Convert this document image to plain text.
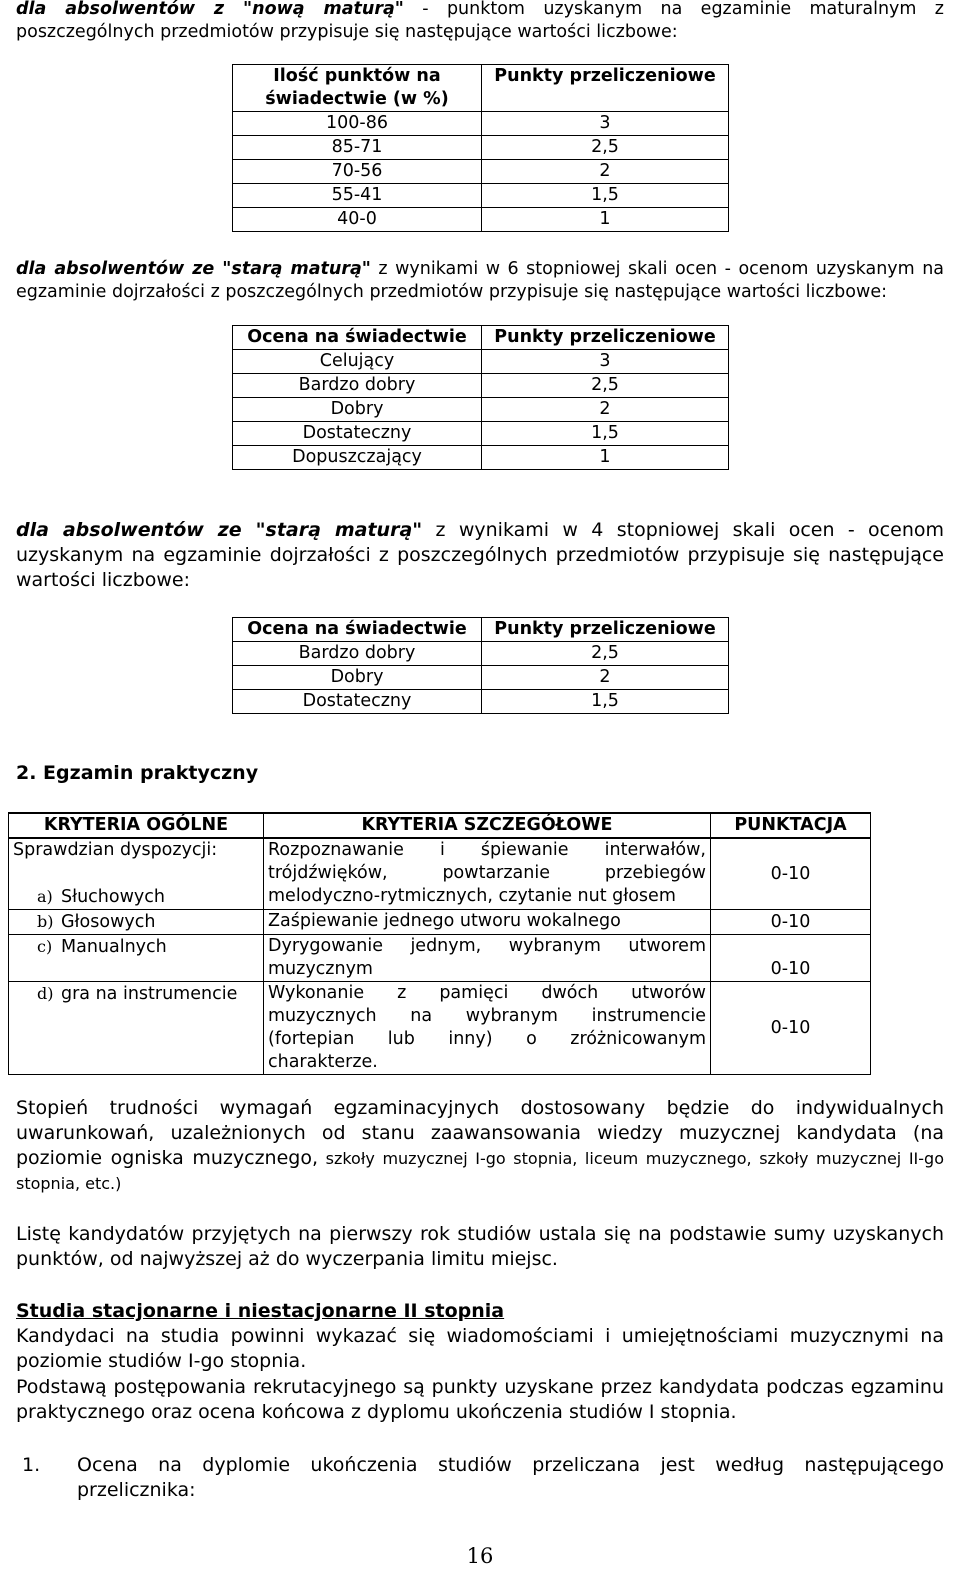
dla absolwentów z "nową maturą" - punktom uzyskanym na egzaminie maturalnym z poszczególnych przedmiotów przypisuje się następujące wartości liczbowe:

Ilość punktów na świadectwie (w %)	Punkty przeliczeniowe
100-86	3
85-71	2,5
70-56	2
55-41	1,5
40-0	1

dla absolwentów ze "starą maturą" z wynikami w 6 stopniowej skali ocen - ocenom uzyskanym na egzaminie dojrzałości z poszczególnych przedmiotów przypisuje się następujące wartości liczbowe:

Ocena na świadectwie	Punkty przeliczeniowe
Celujący	3
Bardzo dobry	2,5
Dobry	2
Dostateczny	1,5
Dopuszczający	1

dla absolwentów ze "starą maturą" z wynikami w 4 stopniowej skali ocen - ocenom uzyskanym na egzaminie dojrzałości z poszczególnych przedmiotów przypisuje się następujące wartości liczbowe:

Ocena na świadectwie	Punkty przeliczeniowe
Bardzo dobry	2,5
Dobry	2
Dostateczny	1,5

2. Egzamin praktyczny

KRYTERIA OGÓLNE	KRYTERIA SZCZEGÓŁOWE	PUNKTACJA

Sprawdzian dyspozycji:
a) Słuchowych	Rozpoznawanie i śpiewanie interwałów, trójdźwięków, powtarzanie przebiegów melodyczno-rytmicznych, czytanie nut głosem	0-10
b) Głosowych	Zaśpiewanie jednego utworu wokalnego	0-10
c) Manualnych	Dyrygowanie jednym, wybranym utworem muzycznym	0-10
d) gra na instrumencie	Wykonanie z pamięci dwóch utworów muzycznych na wybranym instrumencie (fortepian lub inny) o zróżnicowanym charakterze.	0-10

Stopień trudności wymagań egzaminacyjnych dostosowany będzie do indywidualnych uwarunkowań, uzależnionych od stanu zaawansowania wiedzy muzycznej kandydata (na poziomie ogniska muzycznego, szkoły muzycznej I-go stopnia, liceum muzycznego, szkoły muzycznej II-go stopnia, etc.)

Listę kandydatów przyjętych na pierwszy rok studiów ustala się na podstawie sumy uzyskanych punktów, od najwyższej aż do wyczerpania limitu miejsc.

Studia stacjonarne i niestacjonarne II stopnia

Kandydaci na studia powinni wykazać się wiadomościami i umiejętnościami muzycznymi na poziomie studiów I-go stopnia.

Podstawą postępowania rekrutacyjnego są punkty uzyskane przez kandydata podczas egzaminu praktycznego oraz ocena końcowa z dyplomu ukończenia studiów I stopnia.

1.	Ocena na dyplomie ukończenia studiów przeliczana jest według następującego przelicznika:
16
